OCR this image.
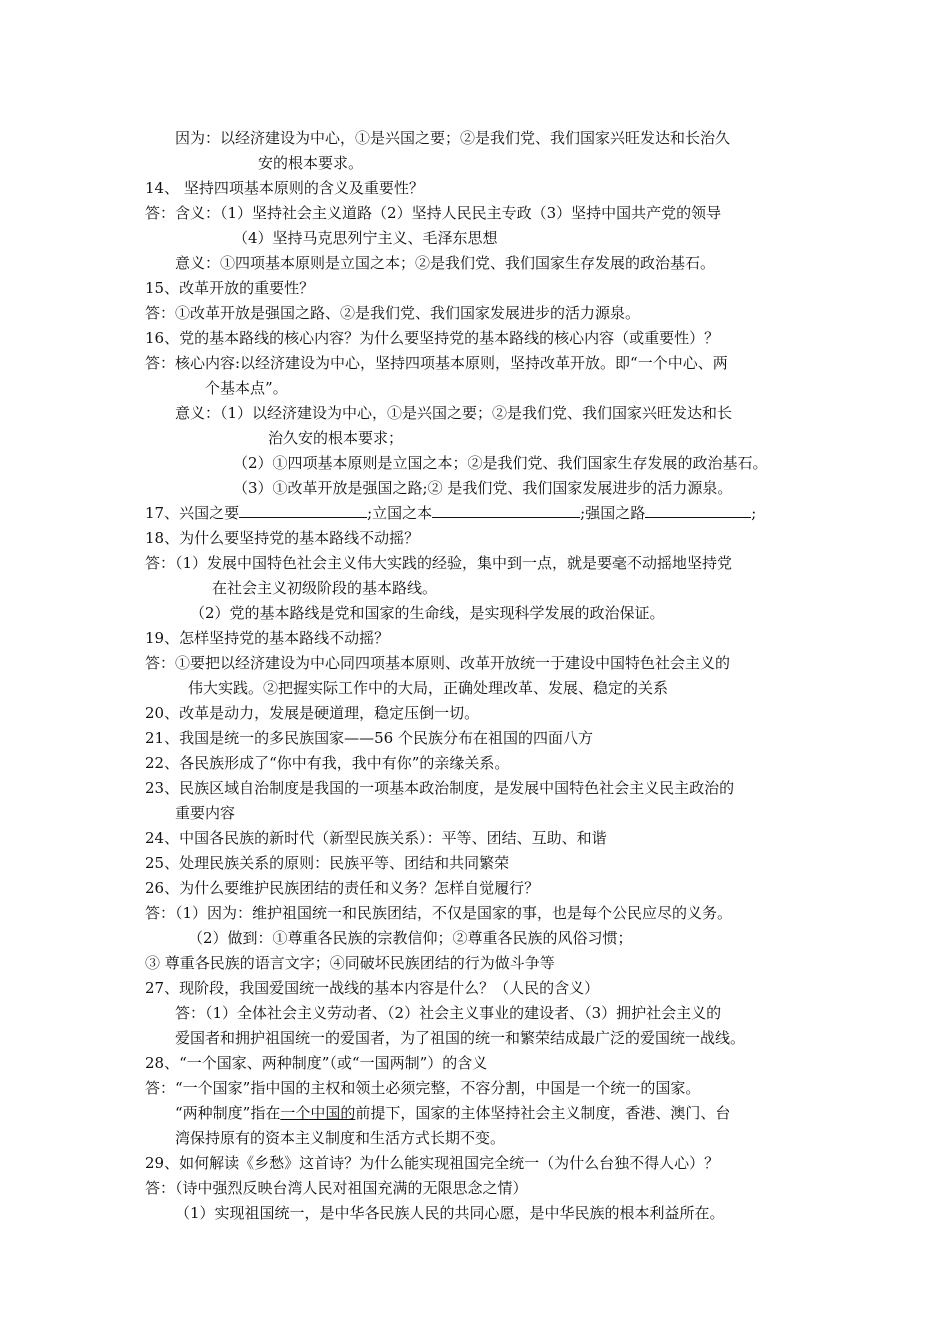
因为：以经济建设为中心，①是兴国之要；②是我们党、我们国家兴旺发达和长治久
安的根本要求。
14、 坚持四项基本原则的含义及重要性？
答：含义：（1）坚持社会主义道路（2）坚持人民民主专政（3）坚持中国共产党的领导
（4）坚持马克思列宁主义、毛泽东思想
意义：①四项基本原则是立国之本；②是我们党、我们国家生存发展的政治基石。
15、改革开放的重要性？
答：①改革开放是强国之路、②是我们党、我们国家发展进步的活力源泉。
16、党的基本路线的核心内容？为什么要坚持党的基本路线的核心内容（或重要性）？
答：核心内容:以经济建设为中心，坚持四项基本原则，坚持改革开放。即“一个中心、两
个基本点”。
意义：（1）以经济建设为中心，①是兴国之要；②是我们党、我们国家兴旺发达和长
治久安的根本要求；
（2）①四项基本原则是立国之本；②是我们党、我们国家生存发展的政治基石。
（3）①改革开放是强国之路;② 是我们党、我们国家发展进步的活力源泉。
17、兴国之要	;立国之本	;强国之路	;
18、为什么要坚持党的基本路线不动摇？
答：（1）发展中国特色社会主义伟大实践的经验，集中到一点，就是要毫不动摇地坚持党
在社会主义初级阶段的基本路线。
（2）党的基本路线是党和国家的生命线，是实现科学发展的政治保证。
19、怎样坚持党的基本路线不动摇？
答：①要把以经济建设为中心同四项基本原则、改革开放统一于建设中国特色社会主义的
伟大实践。②把握实际工作中的大局，正确处理改革、发展、稳定的关系
20、改革是动力，发展是硬道理，稳定压倒一切。
21、我国是统一的多民族国家——56 个民族分布在祖国的四面八方
22、各民族形成了“你中有我，我中有你”的亲缘关系。
23、民族区域自治制度是我国的一项基本政治制度，是发展中国特色社会主义民主政治的
重要内容
24、中国各民族的新时代（新型民族关系）：平等、团结、互助、和谐
25、处理民族关系的原则：民族平等、团结和共同繁荣
26、为什么要维护民族团结的责任和义务？怎样自觉履行？
答：（1）因为：维护祖国统一和民族团结，不仅是国家的事，也是每个公民应尽的义务。
（2）做到：①尊重各民族的宗教信仰；②尊重各民族的风俗习惯；
③ 尊重各民族的语言文字；④同破坏民族团结的行为做斗争等
27、现阶段，我国爱国统一战线的基本内容是什么？（人民的含义）
答：（1）全体社会主义劳动者、（2）社会主义事业的建设者、（3）拥护社会主义的
爱国者和拥护祖国统一的爱国者，为了祖国的统一和繁荣结成最广泛的爱国统一战线。
28、“一个国家、两种制度”（或“一国两制”）的含义
答：“一个国家”指中国的主权和领土必须完整，不容分割，中国是一个统一的国家。
“两种制度”指在一个中国的前提下，国家的主体坚持社会主义制度，香港、澳门、台
湾保持原有的资本主义制度和生活方式长期不变。
29、如何解读《乡愁》这首诗？为什么能实现祖国完全统一（为什么台独不得人心）？
答：（诗中强烈反映台湾人民对祖国充满的无限思念之情）
（1）实现祖国统一，是中华各民族人民的共同心愿，是中华民族的根本利益所在。
